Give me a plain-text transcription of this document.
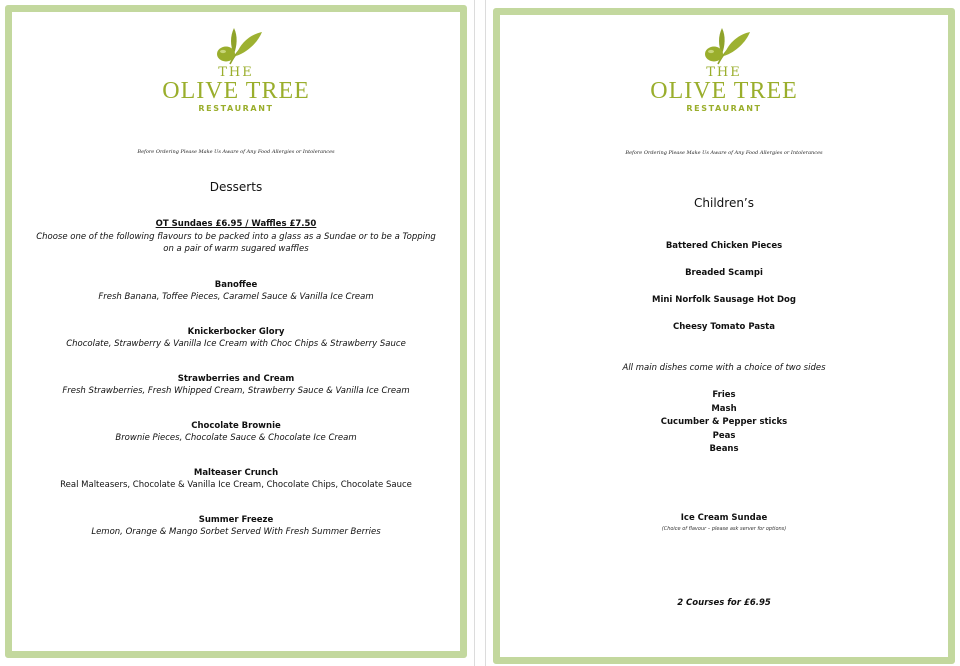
THE
OLIVE TREE
RESTAURANT
Before Ordering Please Make Us Aware of Any Food Allergies or Intolerances
Desserts
OT Sundaes £6.95 / Waffles £7.50
Choose one of the following flavours to be packed into a glass as a Sundae or to be a Topping on a pair of warm sugared waffles
Banoffee
Fresh Banana, Toffee Pieces, Caramel Sauce & Vanilla Ice Cream
Knickerbocker Glory
Chocolate, Strawberry & Vanilla Ice Cream with Choc Chips & Strawberry Sauce
Strawberries and Cream
Fresh Strawberries, Fresh Whipped Cream, Strawberry Sauce & Vanilla Ice Cream
Chocolate Brownie
Brownie Pieces, Chocolate Sauce & Chocolate Ice Cream
Malteaser Crunch
Real Malteasers, Chocolate & Vanilla Ice Cream, Chocolate Chips, Chocolate Sauce
Summer Freeze
Lemon, Orange & Mango Sorbet Served With Fresh Summer Berries
THE
OLIVE TREE
RESTAURANT
Before Ordering Please Make Us Aware of Any Food Allergies or Intolerances
Children’s
Battered Chicken Pieces
Breaded Scampi
Mini Norfolk Sausage Hot Dog
Cheesy Tomato Pasta
All main dishes come with a choice of two sides
Fries
Mash
Cucumber & Pepper sticks
Peas
Beans
Ice Cream Sundae
(Choice of flavour – please ask server for options)
2 Courses for £6.95
